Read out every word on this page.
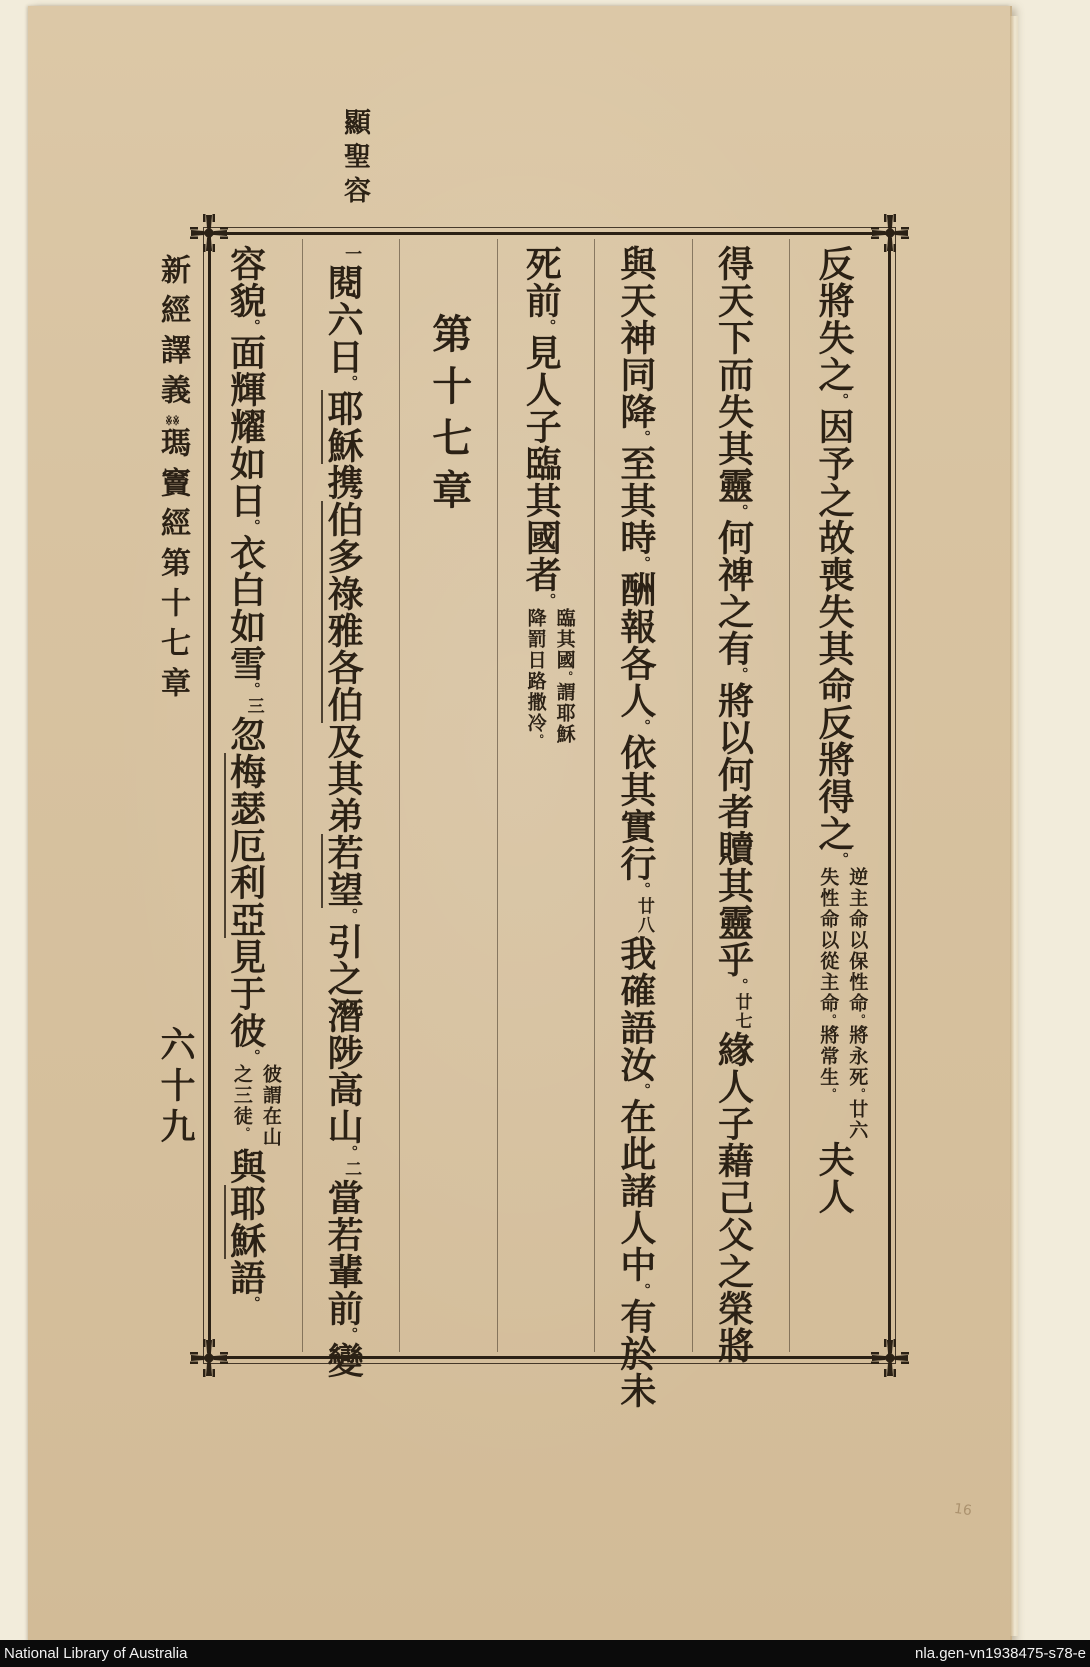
顯聖容
新經譯義※※瑪竇經第十七章
六十九
16
反將失之。因予之故喪失其命反將得之。
逆主命以保性命。將永死。廿六
失性命以從主命。將常生。
夫人
得天下而失其靈。何禆之有。將以何者贖其靈乎。$^{廿七}$緣人子藉己父之榮將
與天神同降。至其時。酬報各人。依其實行。$^{廿八}$我確語汝。在此諸人中。有於未
死前。見人子臨其國者。
臨其國。謂耶穌
降罰日路撒冷。
第十七章
$^一$閱六日。耶穌携伯多祿雅各伯及其弟若望。引之潛陟高山。$^二$當若輩前。變
容貌。面輝耀如日。衣白如雪。$^三$忽梅瑟厄利亞見于彼。
彼謂在山
之三徒。
與耶穌語。
National Library of Australia	nla.gen-vn1938475-s78-e
